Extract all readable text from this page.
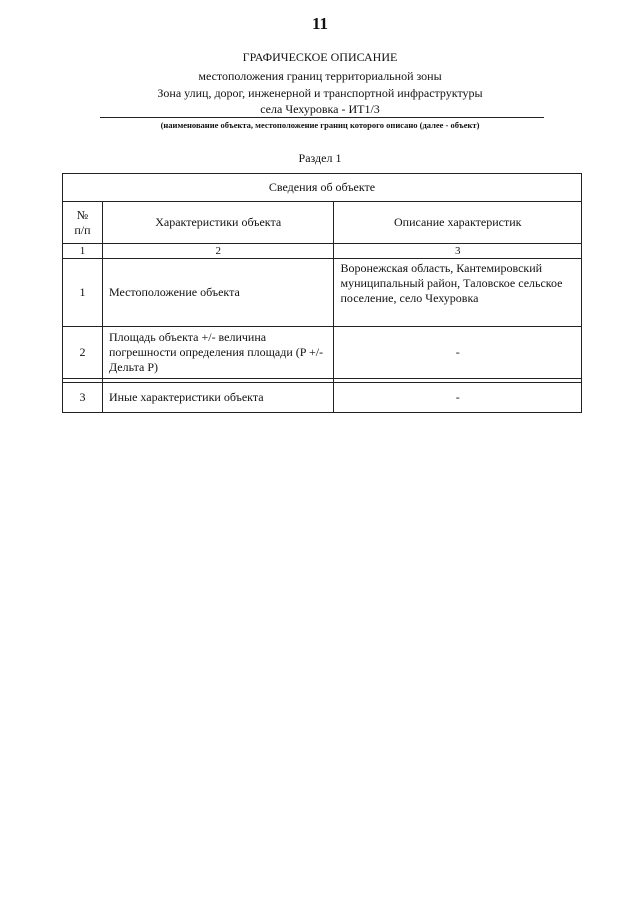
11
ГРАФИЧЕСКОЕ ОПИСАНИЕ
местоположения границ территориальной зоны
Зона улиц, дорог, инженерной и транспортной инфраструктуры
села Чехуровка - ИТ1/3
(наименование объекта, местоположение границ которого описано (далее - объект)
Раздел 1
Сведения об объекте		
№
п/п	Характеристики объекта	Описание характеристик
1	2	3
1	Местоположение объекта	Воронежская область, Кантемировский муниципальный район, Таловское сельское поселение, село Чехуровка
2	Площадь объекта +/- величина погрешности определения площади (P +/- Дельта P)	-

3	Иные характеристики объекта	-
